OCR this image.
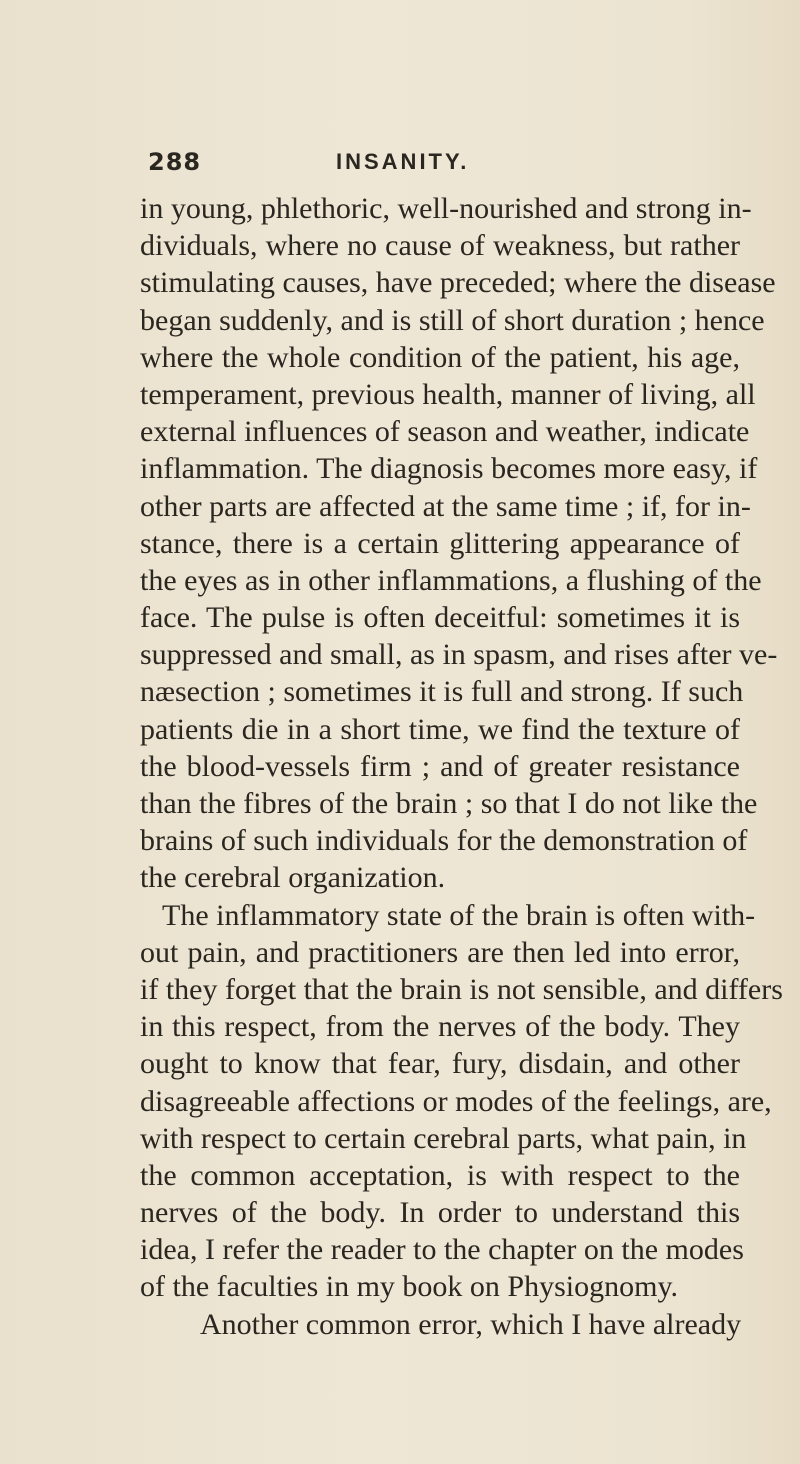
288	INSANITY.
in young, phlethoric, well-nourished and strong in-
dividuals, where no cause of weakness, but rather
stimulating causes, have preceded; where the disease
began suddenly, and is still of short duration ; hence
where the whole condition of the patient, his age,
temperament, previous health, manner of living, all
external influences of season and weather, indicate
inflammation. The diagnosis becomes more easy, if
other parts are affected at the same time ; if, for in-
stance, there is a certain glittering appearance of
the eyes as in other inflammations, a flushing of the
face. The pulse is often deceitful: sometimes it is
suppressed and small, as in spasm, and rises after ve-
næsection ; sometimes it is full and strong. If such
patients die in a short time, we find the texture of
the blood-vessels firm ; and of greater resistance
than the fibres of the brain ; so that I do not like the
brains of such individuals for the demonstration of
the cerebral organization.
The inflammatory state of the brain is often with-
out pain, and practitioners are then led into error,
if they forget that the brain is not sensible, and differs
in this respect, from the nerves of the body. They
ought to know that fear, fury, disdain, and other
disagreeable affections or modes of the feelings, are,
with respect to certain cerebral parts, what pain, in
the common acceptation, is with respect to the
nerves of the body. In order to understand this
idea, I refer the reader to the chapter on the modes
of the faculties in my book on Physiognomy.
Another common error, which I have already
